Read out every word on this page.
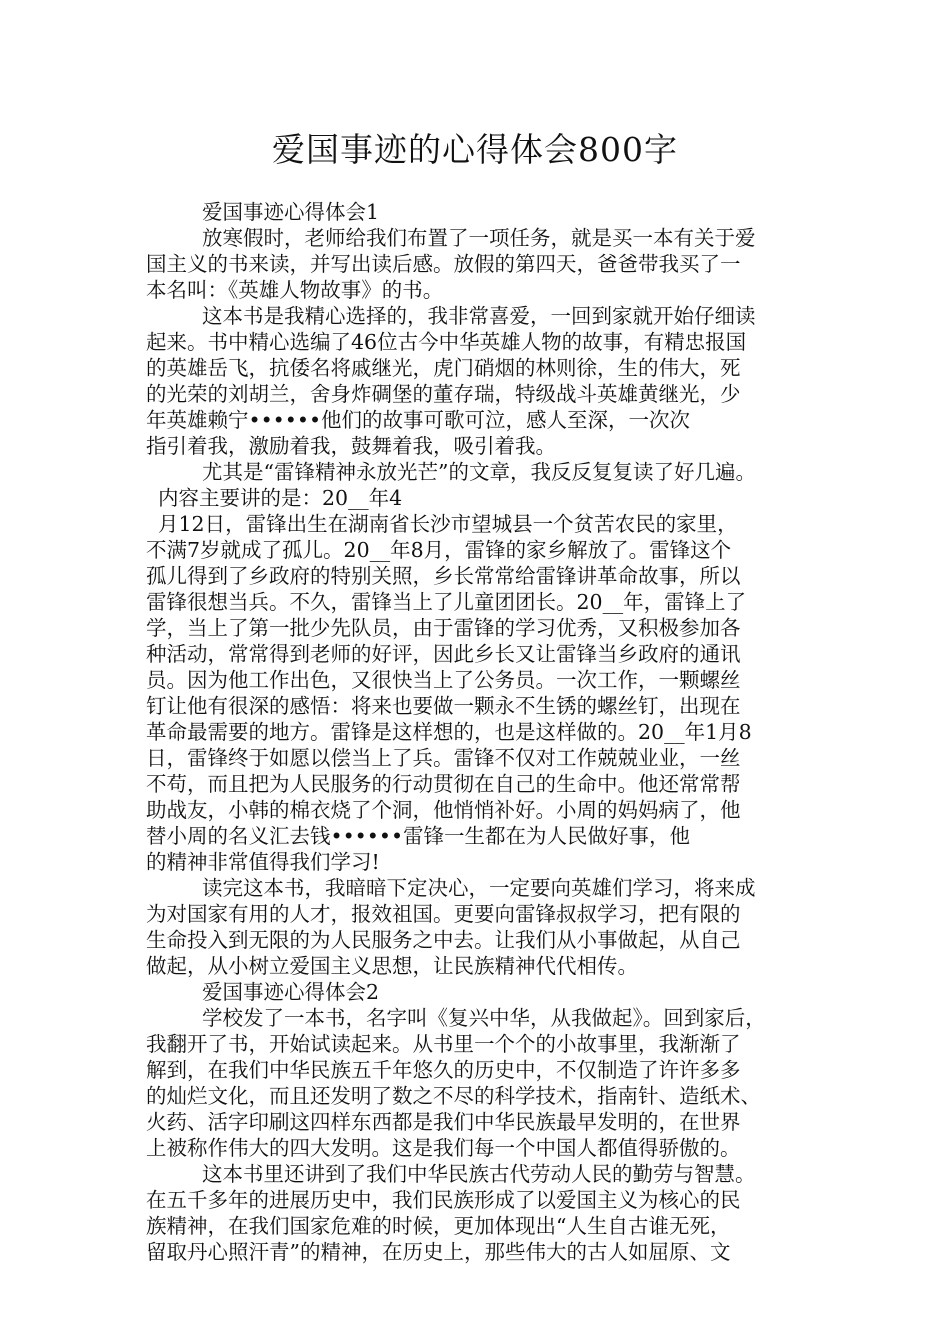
爱国事迹的心得体会800字
爱国事迹心得体会1
放寒假时，老师给我们布置了一项任务，就是买一本有关于爱
国主义的书来读，并写出读后感。放假的第四天，爸爸带我买了一
本名叫：《英雄人物故事》的书。
这本书是我精心选择的，我非常喜爱，一回到家就开始仔细读
起来。书中精心选编了46位古今中华英雄人物的故事，有精忠报国
的英雄岳飞，抗倭名将戚继光，虎门硝烟的林则徐，生的伟大，死
的光荣的刘胡兰，舍身炸碉堡的董存瑞，特级战斗英雄黄继光，少
年英雄赖宁••••••他们的故事可歌可泣，感人至深，一次次
指引着我，激励着我，鼓舞着我，吸引着我。
尤其是“雷锋精神永放光芒”的文章，我反反复复读了好几遍。
内容主要讲的是：20__年4
月12日，雷锋出生在湖南省长沙市望城县一个贫苦农民的家里，
不满7岁就成了孤儿。20__年8月，雷锋的家乡解放了。雷锋这个
孤儿得到了乡政府的特别关照，乡长常常给雷锋讲革命故事，所以
雷锋很想当兵。不久，雷锋当上了儿童团团长。20__年，雷锋上了
学，当上了第一批少先队员，由于雷锋的学习优秀，又积极参加各
种活动，常常得到老师的好评，因此乡长又让雷锋当乡政府的通讯
员。因为他工作出色，又很快当上了公务员。一次工作，一颗螺丝
钉让他有很深的感悟：将来也要做一颗永不生锈的螺丝钉，出现在
革命最需要的地方。雷锋是这样想的，也是这样做的。20__年1月8
日，雷锋终于如愿以偿当上了兵。雷锋不仅对工作兢兢业业，一丝
不苟，而且把为人民服务的行动贯彻在自己的生命中。他还常常帮
助战友，小韩的棉衣烧了个洞，他悄悄补好。小周的妈妈病了，他
替小周的名义汇去钱••••••雷锋一生都在为人民做好事，他
的精神非常值得我们学习!
读完这本书，我暗暗下定决心，一定要向英雄们学习，将来成
为对国家有用的人才，报效祖国。更要向雷锋叔叔学习，把有限的
生命投入到无限的为人民服务之中去。让我们从小事做起，从自己
做起，从小树立爱国主义思想，让民族精神代代相传。
爱国事迹心得体会2
学校发了一本书，名字叫《复兴中华，从我做起》。回到家后，
我翻开了书，开始试读起来。从书里一个个的小故事里，我渐渐了
解到，在我们中华民族五千年悠久的历史中，不仅制造了许许多多
的灿烂文化，而且还发明了数之不尽的科学技术，指南针、造纸术、
火药、活字印刷这四样东西都是我们中华民族最早发明的，在世界
上被称作伟大的四大发明。这是我们每一个中国人都值得骄傲的。
这本书里还讲到了我们中华民族古代劳动人民的勤劳与智慧。
在五千多年的进展历史中，我们民族形成了以爱国主义为核心的民
族精神，在我们国家危难的时候，更加体现出“人生自古谁无死，
留取丹心照汗青”的精神，在历史上，那些伟大的古人如屈原、文
